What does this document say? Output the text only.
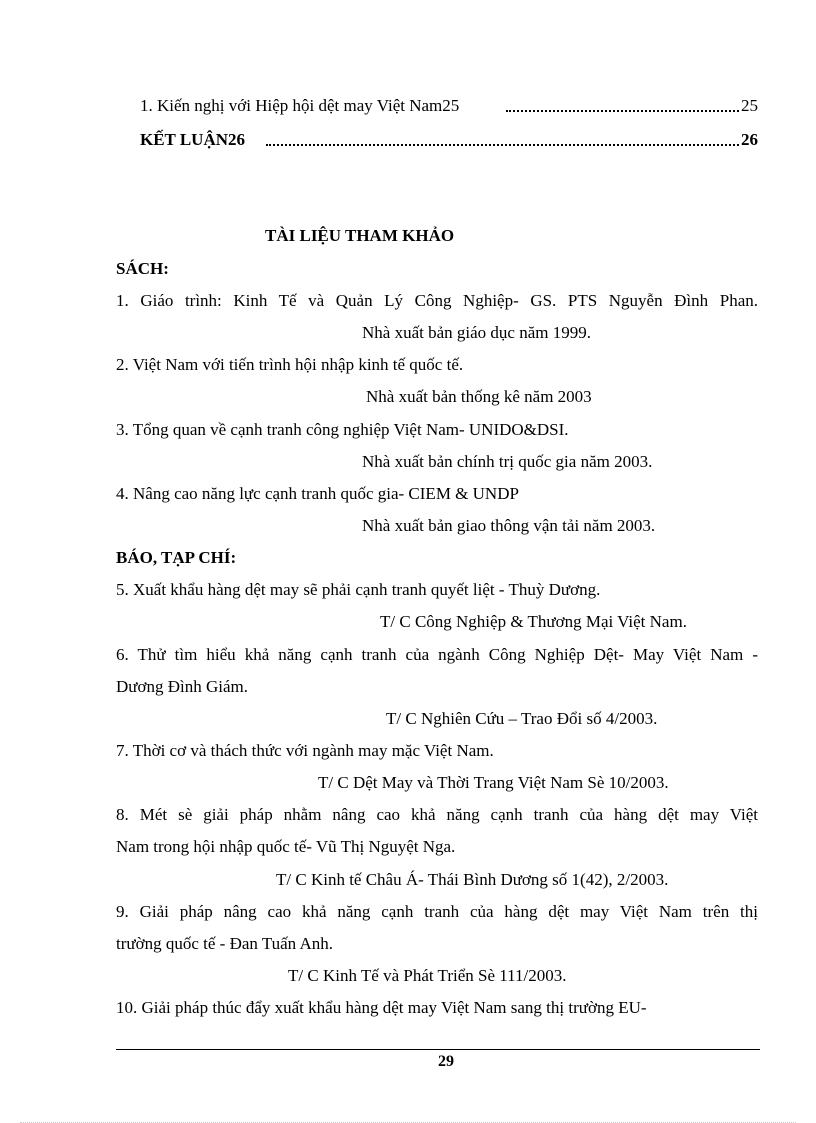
1. Kiến nghị với Hiệp hội dệt may Việt Nam25	25
KẾT LUẬN26	26
TÀI LIỆU THAM KHẢO
SÁCH:
1. Giáo trình: Kinh Tế và Quản Lý Công Nghiệp- GS. PTS Nguyễn Đình Phan.
Nhà xuất bản giáo dục năm 1999.
2. Việt Nam với tiến trình hội nhập kinh tế quốc tế.
Nhà xuất bản thống kê năm 2003
3. Tổng quan về cạnh tranh công nghiệp Việt Nam- UNIDO&DSI.
Nhà xuất bản chính trị quốc gia năm 2003.
4. Nâng cao năng lực cạnh tranh quốc gia- CIEM & UNDP
Nhà xuất bản giao thông vận tải năm 2003.
BÁO, TẠP CHÍ:
5. Xuất khẩu hàng dệt may sẽ phải cạnh tranh quyết liệt - Thuỳ Dương.
T/ C Công Nghiệp & Thương Mại Việt Nam.
6. Thử tìm hiểu khả năng cạnh tranh của ngành Công Nghiệp Dệt- May Việt Nam -
Dương Đình Giám.
T/ C Nghiên Cứu – Trao Đổi số 4/2003.
7. Thời cơ và thách thức với ngành may mặc Việt Nam.
T/ C Dệt May và Thời Trang Việt Nam Sè 10/2003.
8. Mét sè giải pháp nhằm nâng cao khả năng cạnh tranh của hàng dệt may Việt
Nam trong hội nhập quốc tế- Vũ Thị Nguyệt Nga.
T/ C Kinh tế Châu Á- Thái Bình Dương số 1(42), 2/2003.
9. Giải pháp nâng cao khả năng cạnh tranh của hàng dệt may Việt Nam trên thị
trường quốc tế - Đan Tuấn Anh.
T/ C Kinh Tế và Phát Triển Sè 111/2003.
10. Giải pháp thúc đẩy xuất khẩu hàng dệt may Việt Nam sang thị trường EU-
29
